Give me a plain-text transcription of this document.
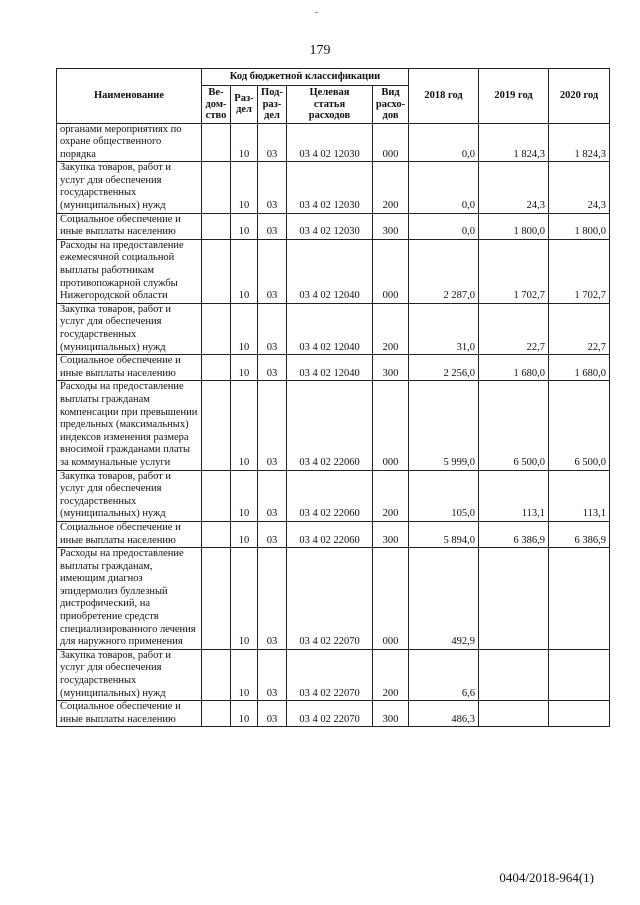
179
Наименование	Код бюджетной классификации					2018 год	2019 год	2020 год
	Ве-
дом-
ство	Раз-
дел	Под-
раз-
дел	Целевая
статья
расходов	Вид
расхо-
дов			
органами мероприятиях по охране общественного порядка		10	03	03 4 02 12030	000	0,0	1 824,3	1 824,3
Закупка товаров, работ и услуг для обеспечения государственных (муниципальных) нужд		10	03	03 4 02 12030	200	0,0	24,3	24,3
Социальное обеспечение и иные выплаты населению		10	03	03 4 02 12030	300	0,0	1 800,0	1 800,0
Расходы на предоставление ежемесячной социальной выплаты работникам противопожарной службы Нижегородской области		10	03	03 4 02 12040	000	2 287,0	1 702,7	1 702,7
Закупка товаров, работ и услуг для обеспечения государственных (муниципальных) нужд		10	03	03 4 02 12040	200	31,0	22,7	22,7
Социальное обеспечение и иные выплаты населению		10	03	03 4 02 12040	300	2 256,0	1 680,0	1 680,0
Расходы на предоставление выплаты гражданам компенсации при превышении предельных (максимальных) индексов изменения размера вносимой гражданами платы за коммунальные услуги		10	03	03 4 02 22060	000	5 999,0	6 500,0	6 500,0
Закупка товаров, работ и услуг для обеспечения государственных (муниципальных) нужд		10	03	03 4 02 22060	200	105,0	113,1	113,1
Социальное обеспечение и иные выплаты населению		10	03	03 4 02 22060	300	5 894,0	6 386,9	6 386,9
Расходы на предоставление выплаты гражданам, имеющим диагноз эпидермолиз буллезный дистрофический, на приобретение средств специализированного лечения для наружного применения		10	03	03 4 02 22070	000	492,9		
Закупка товаров, работ и услуг для обеспечения государственных (муниципальных) нужд		10	03	03 4 02 22070	200	6,6		
Социальное обеспечение и иные выплаты населению		10	03	03 4 02 22070	300	486,3		
0404/2018-964(1)
